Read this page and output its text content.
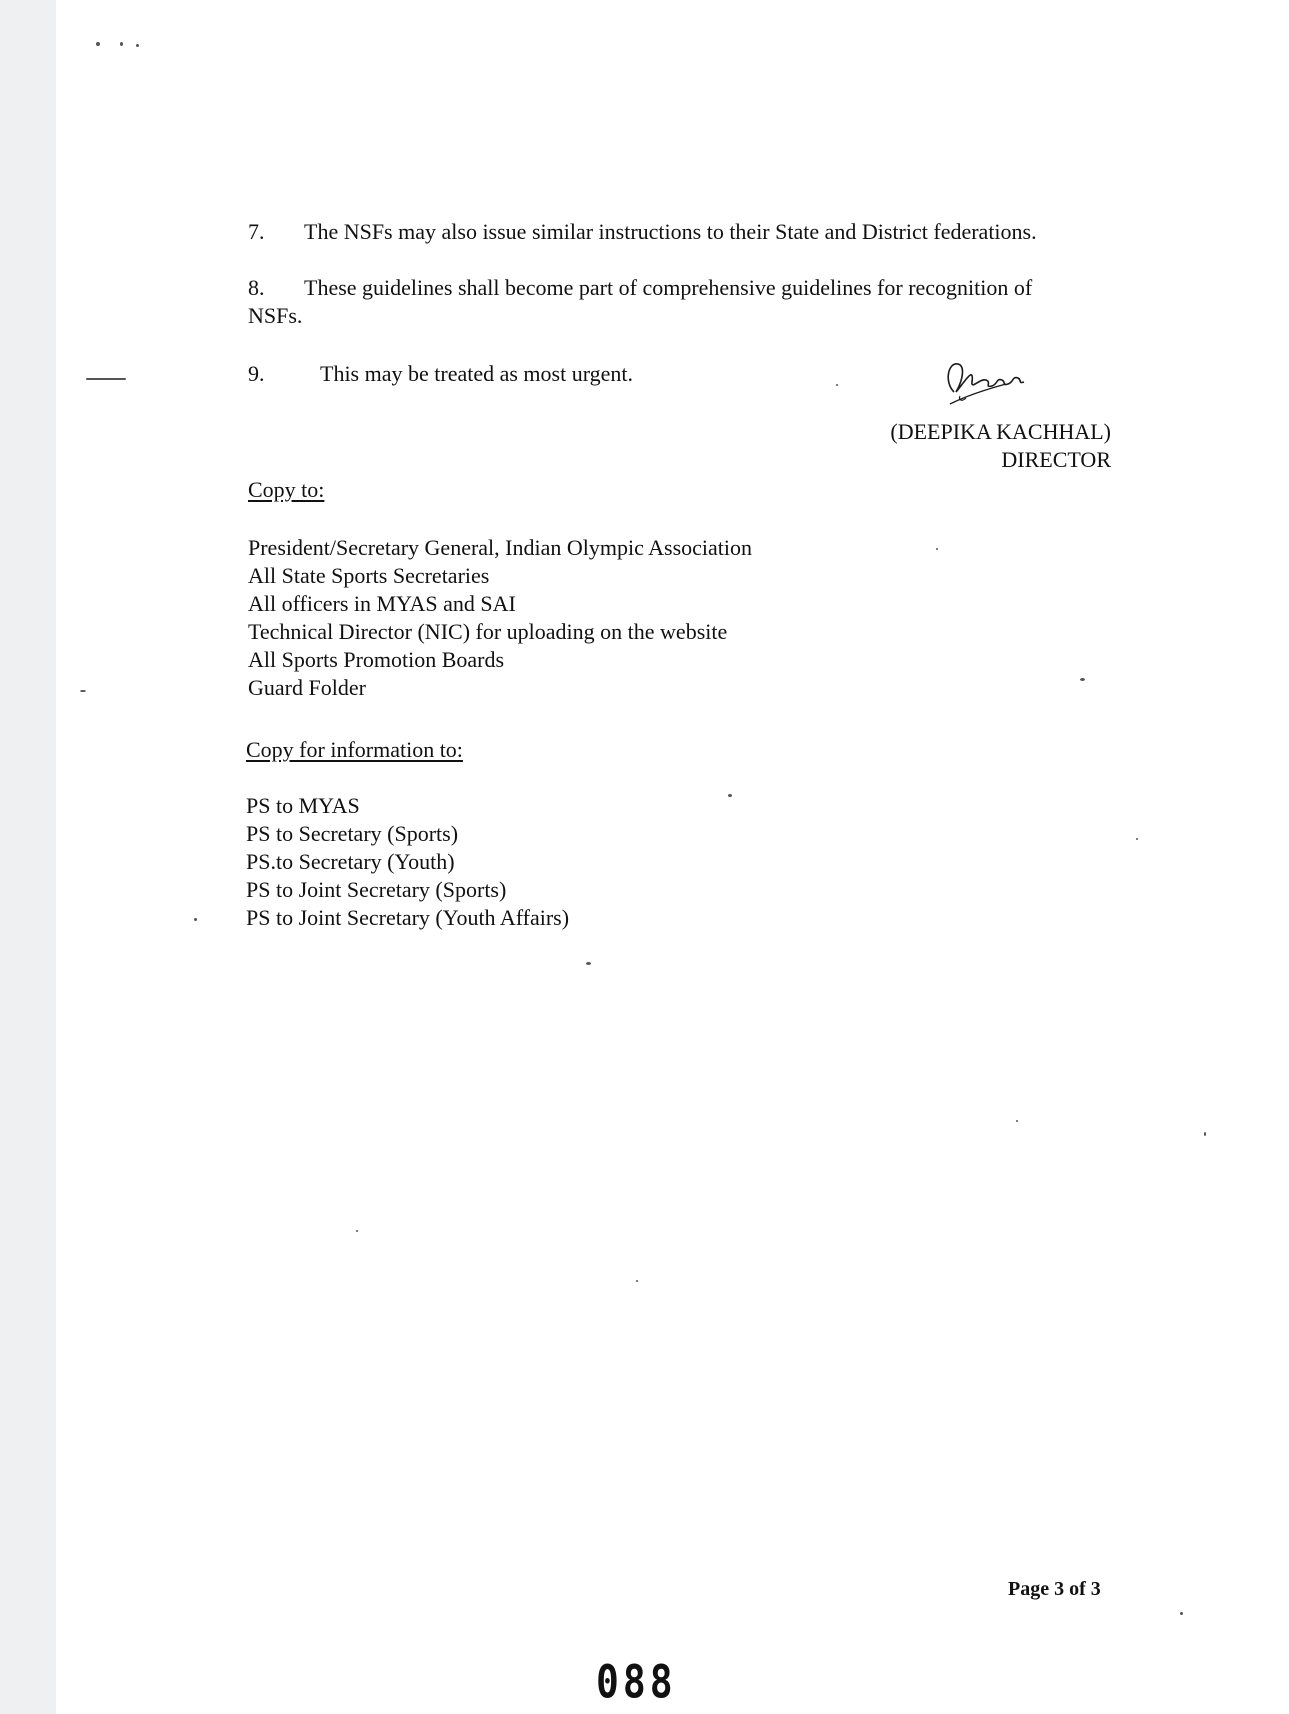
7. The NSFs may also issue similar instructions to their State and District federations.
8. These guidelines shall become part of comprehensive guidelines for recognition of
NSFs.
9.	This may be treated as most urgent.
(DEEPIKA KACHHAL)
DIRECTOR
Copy to:
President/Secretary General, Indian Olympic Association
All State Sports Secretaries
All officers in MYAS and SAI
Technical Director (NIC) for uploading on the website
All Sports Promotion Boards
Guard Folder
Copy for information to:
PS to MYAS
PS to Secretary (Sports)
PS.to Secretary (Youth)
PS to Joint Secretary (Sports)
PS to Joint Secretary (Youth Affairs)
Page 3 of 3
088
